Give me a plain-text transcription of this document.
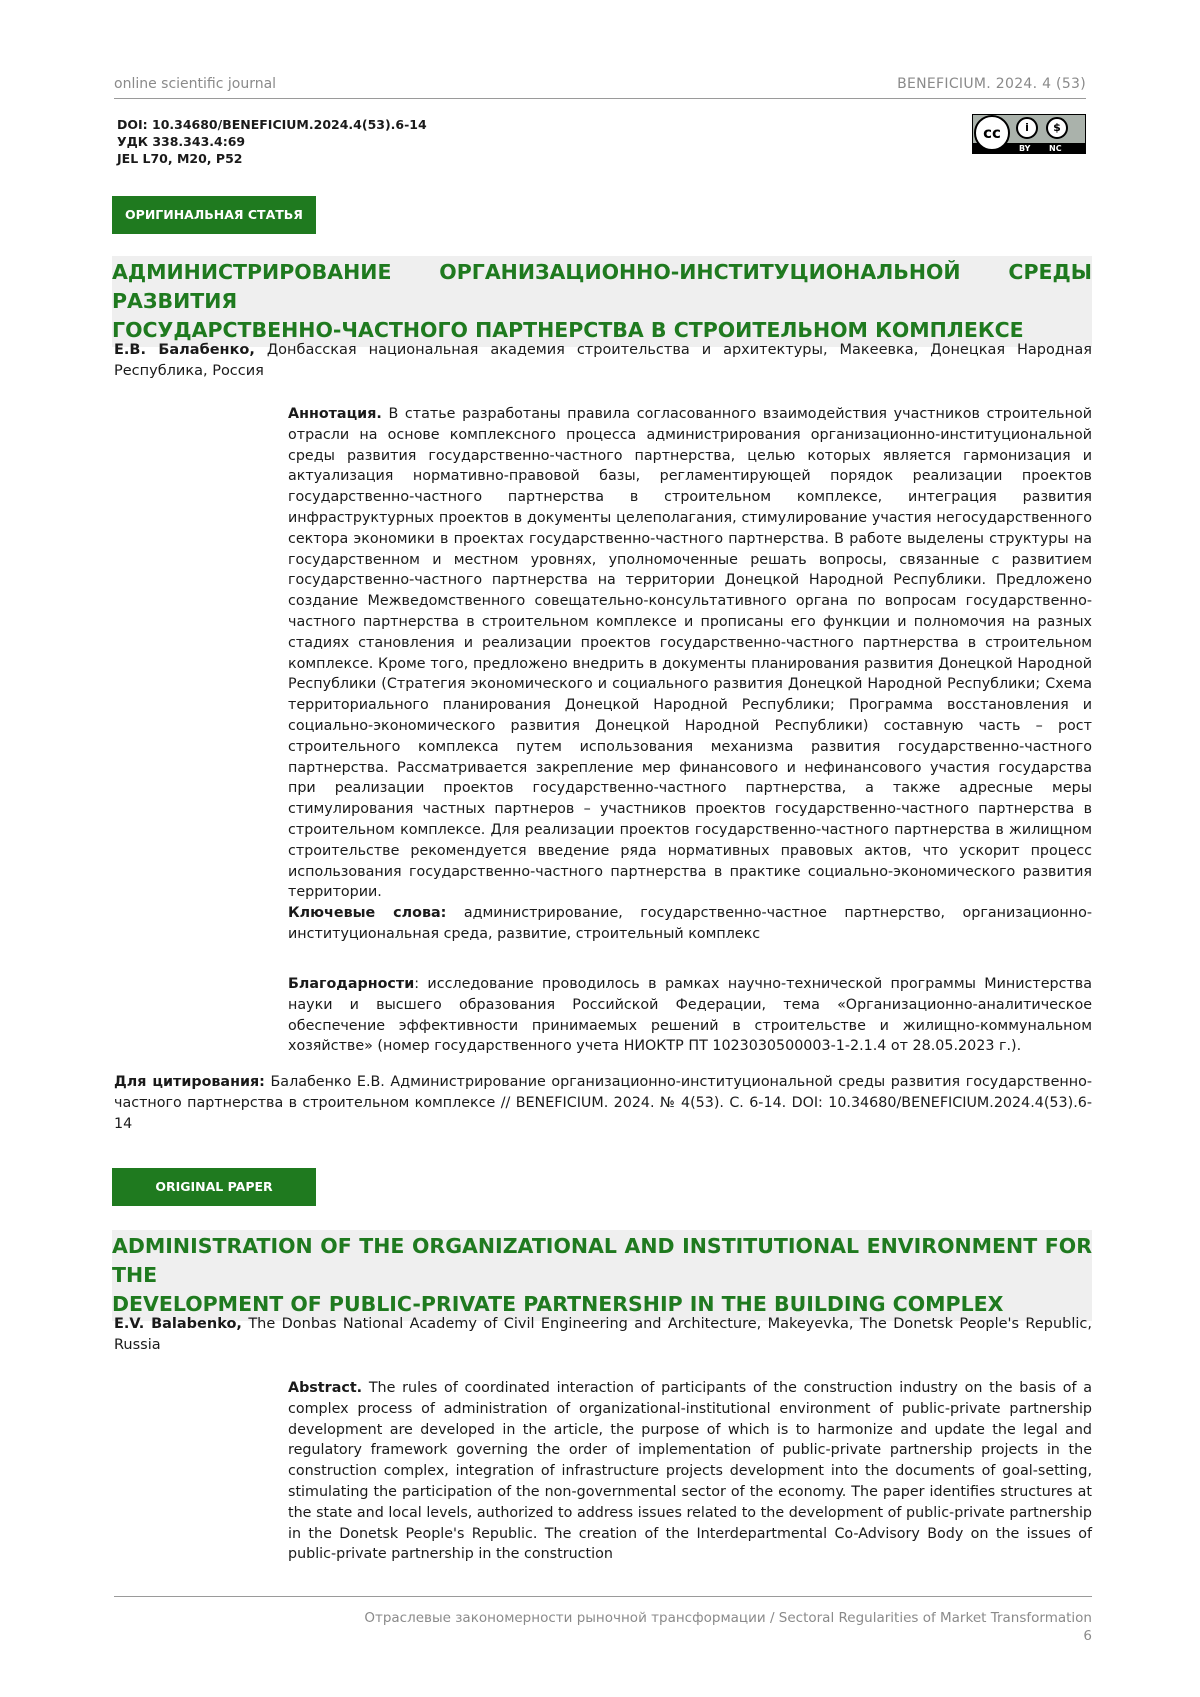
online scientific journal	BENEFICIUM. 2024. 4 (53)
DOI: 10.34680/BENEFICIUM.2024.4(53).6-14
УДК 338.343.4:69
JEL L70, M20, P52
cc	i	$
BY NC
ОРИГИНАЛЬНАЯ СТАТЬЯ
АДМИНИСТРИРОВАНИЕ ОРГАНИЗАЦИОННО-ИНСТИТУЦИОНАЛЬНОЙ СРЕДЫ РАЗВИТИЯ
ГОСУДАРСТВЕННО-ЧАСТНОГО ПАРТНЕРСТВА В СТРОИТЕЛЬНОМ КОМПЛЕКСЕ
Е.В. Балабенко, Донбасская национальная академия строительства и архитектуры, Макеевка, Донецкая Народная Республика, Россия
Аннотация. В статье разработаны правила согласованного взаимодействия участников строительной отрасли на основе комплексного процесса администрирования организационно-институциональной среды развития государственно-частного партнерства, целью которых является гармонизация и актуализация нормативно-правовой базы, регламентирующей порядок реализации проектов государственно-частного партнерства в строительном комплексе, интеграция развития инфраструктурных проектов в документы целеполагания, стимулирование участия негосударственного сектора экономики в проектах государственно-частного партнерства. В работе выделены структуры на государственном и местном уровнях, уполномоченные решать вопросы, связанные с развитием государственно-частного партнерства на территории Донецкой Народной Республики. Предложено создание Межведомственного совещательно-консультативного органа по вопросам государственно-частного партнерства в строительном комплексе и прописаны его функции и полномочия на разных стадиях становления и реализации проектов государственно-частного партнерства в строительном комплексе. Кроме того, предложено внедрить в документы планирования развития Донецкой Народной Республики (Стратегия экономического и социального развития Донецкой Народной Республики; Схема территориального планирования Донецкой Народной Республики; Программа восстановления и социально-экономического развития Донецкой Народной Республики) составную часть – рост строительного комплекса путем использования механизма развития государственно-частного партнерства. Рассматривается закрепление мер финансового и нефинансового участия государства при реализации проектов государственно-частного партнерства, а также адресные меры стимулирования частных партнеров – участников проектов государственно-частного партнерства в строительном комплексе. Для реализации проектов государственно-частного партнерства в жилищном строительстве рекомендуется введение ряда нормативных правовых актов, что ускорит процесс использования государственно-частного партнерства в практике социально-экономического развития территории.
Ключевые слова: администрирование, государственно-частное партнерство, организационно-институциональная среда, развитие, строительный комплекс
Благодарности: исследование проводилось в рамках научно-технической программы Министерства науки и высшего образования Российской Федерации, тема «Организационно-аналитическое обеспечение эффективности принимаемых решений в строительстве и жилищно-коммунальном хозяйстве» (номер государственного учета НИОКТР ПТ 1023030500003-1-2.1.4 от 28.05.2023 г.).
Для цитирования: Балабенко Е.В. Администрирование организационно-институциональной среды развития государственно-частного партнерства в строительном комплексе // BENEFICIUM. 2024. № 4(53). С. 6-14. DOI: 10.34680/BENEFICIUM.2024.4(53).6-14
ORIGINAL PAPER
ADMINISTRATION OF THE ORGANIZATIONAL AND INSTITUTIONAL ENVIRONMENT FOR THE
DEVELOPMENT OF PUBLIC-PRIVATE PARTNERSHIP IN THE BUILDING COMPLEX
E.V. Balabenko, The Donbas National Academy of Civil Engineering and Architecture, Makeyevka, The Donetsk People's Republic, Russia
Abstract. The rules of coordinated interaction of participants of the construction industry on the basis of a complex process of administration of organizational-institutional environment of public-private partnership development are developed in the article, the purpose of which is to harmonize and update the legal and regulatory framework governing the order of implementation of public-private partnership projects in the construction complex, integration of infrastructure projects development into the documents of goal-setting, stimulating the participation of the non-governmental sector of the economy. The paper identifies structures at the state and local levels, authorized to address issues related to the development of public-private partnership in the Donetsk People's Republic. The creation of the Interdepartmental Co-Advisory Body on the issues of public-private partnership in the construction
Отраслевые закономерности рыночной трансформации / Sectoral Regularities of Market Transformation
6
